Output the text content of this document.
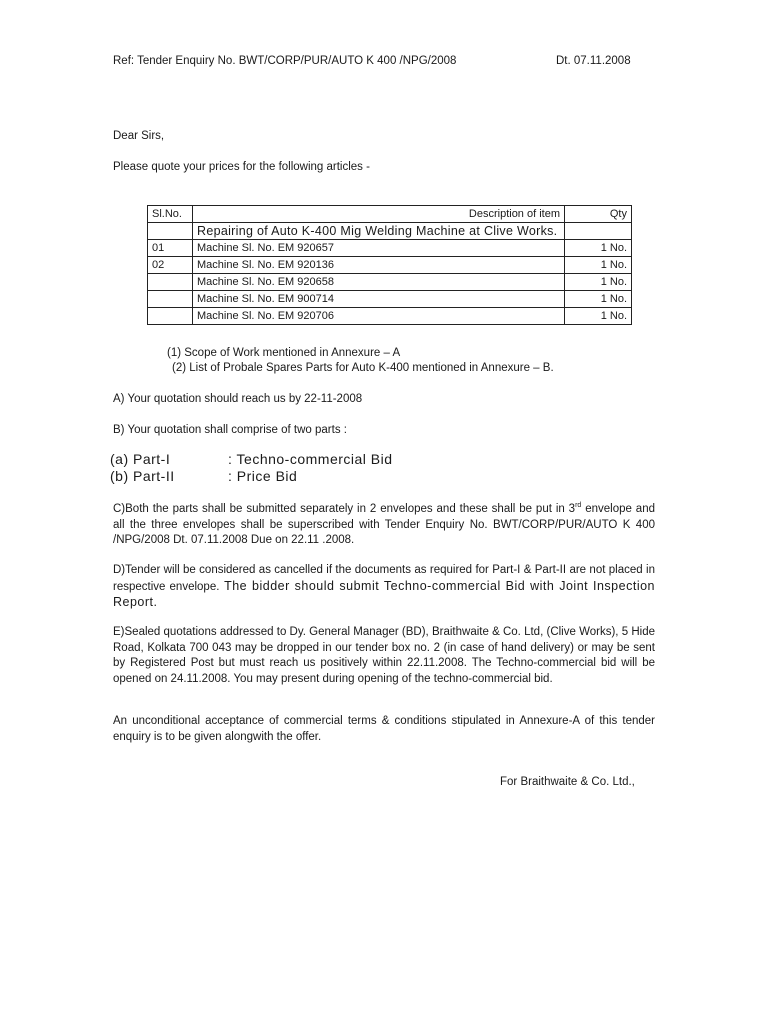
Ref: Tender Enquiry No. BWT/CORP/PUR/AUTO K 400 /NPG/2008	Dt. 07.11.2008

Dear Sirs,

Please quote your prices for the following articles -

Sl.No.	Description of item	Qty
	Repairing of Auto K-400 Mig Welding Machine at Clive Works.	
01	Machine Sl. No. EM 920657	1 No.
02	Machine Sl. No. EM 920136	1 No.
	Machine Sl. No. EM 920658	1 No.
	Machine Sl. No. EM 900714	1 No.
	Machine Sl. No. EM 920706	1 No.

(1) Scope of Work mentioned in Annexure – A

(2) List of Probale Spares Parts for Auto K-400 mentioned in Annexure – B.

A) Your quotation should reach us by 22-11-2008

B) Your quotation shall comprise of two parts :

(a) Part-I	: Techno-commercial Bid

(b) Part-II	: Price Bid

C)Both the parts shall be submitted separately in 2 envelopes and these shall be put in 3rd envelope and all the three envelopes shall be superscribed with Tender Enquiry No. BWT/CORP/PUR/AUTO K 400 /NPG/2008 Dt. 07.11.2008 Due on 22.11 .2008.

D)Tender will be considered as cancelled if the documents as required for Part-I & Part-II are not placed in respective envelope. The bidder should submit Techno-commercial Bid with Joint Inspection Report.

E)Sealed quotations addressed to Dy. General Manager (BD), Braithwaite & Co. Ltd, (Clive Works), 5 Hide Road, Kolkata 700 043 may be dropped in our tender box no. 2 (in case of hand delivery) or may be sent by Registered Post but must reach us positively within 22.11.2008. The Techno-commercial bid will be opened on 24.11.2008. You may present during opening of the techno-commercial bid.

An unconditional acceptance of commercial terms & conditions stipulated in Annexure-A of this tender enquiry is to be given alongwith the offer.

For Braithwaite & Co. Ltd.,
